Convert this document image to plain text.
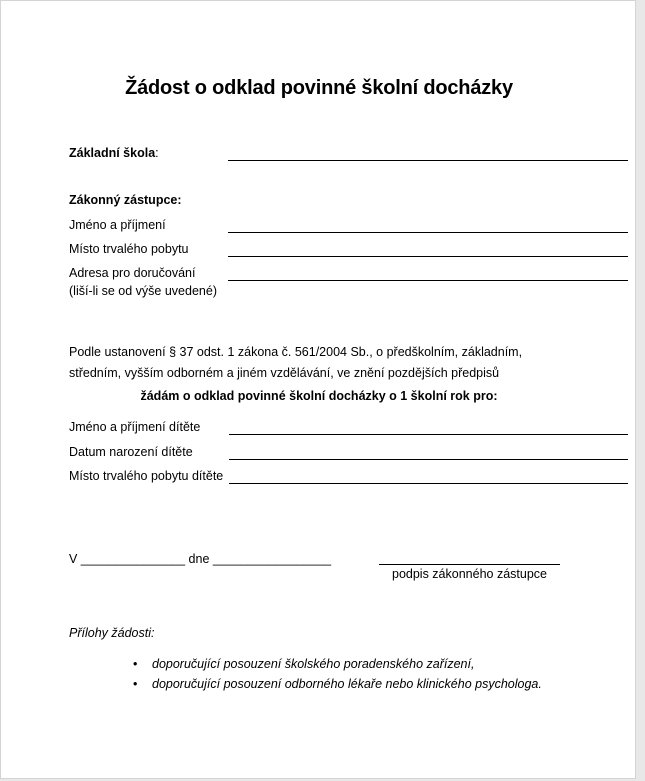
Žádost o odklad povinné školní docházky
Základní škola:
Zákonný zástupce:
Jméno a příjmení
Místo trvalého pobytu
Adresa pro doručování
(liší-li se od výše uvedené)
Podle ustanovení § 37 odst. 1 zákona č. 561/2004 Sb., o předškolním, základním, středním, vyšším odborném a jiném vzdělávání, ve znění pozdějších předpisů
žádám o odklad povinné školní docházky o 1 školní rok pro:
Jméno a příjmení dítěte
Datum narození dítěte
Místo trvalého pobytu dítěte
V _______________ dne _________________
podpis zákonného zástupce
Přílohy žádosti:
• doporučující posouzení školského poradenského zařízení,
• doporučující posouzení odborného lékaře nebo klinického psychologa.
